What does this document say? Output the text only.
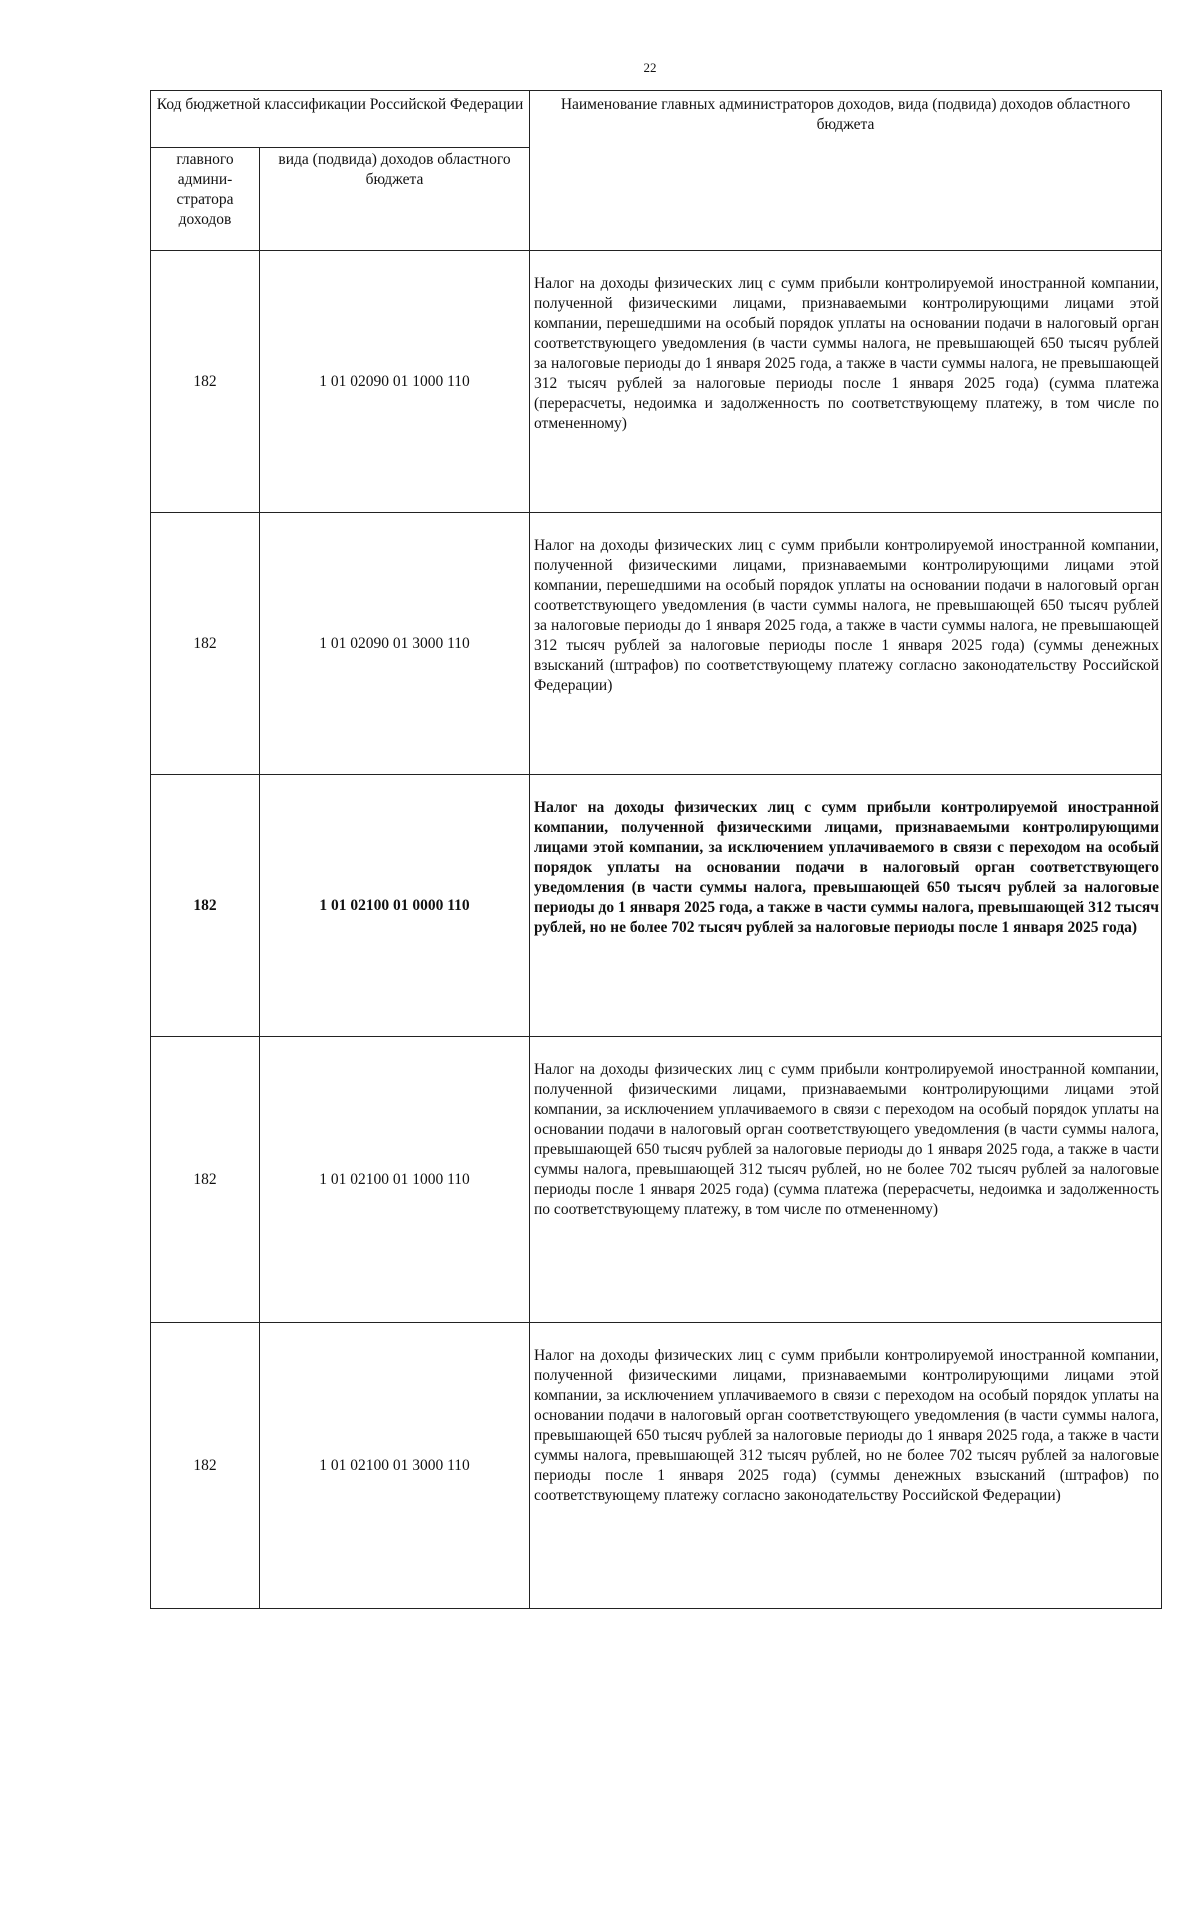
22
Код бюджетной классификации Российской Федерации		Наименование главных администраторов доходов, вида (подвида) доходов областного бюджета
главного админи-стратора доходов	вида (подвида) доходов областного бюджета	
182	1 01 02090 01 1000 110	Налог на доходы физических лиц с сумм прибыли контролируемой иностранной компании, полученной физическими лицами, признаваемыми контролирующими лицами этой компании, перешедшими на особый порядок уплаты на основании подачи в налоговый орган соответствующего уведомления (в части суммы налога, не превышающей 650 тысяч рублей за налоговые периоды до 1 января 2025 года, а также в части суммы налога, не превышающей 312 тысяч рублей за налоговые периоды после 1 января 2025 года) (сумма платежа (перерасчеты, недоимка и задолженность по соответствующему платежу, в том числе по отмененному)
182	1 01 02090 01 3000 110	Налог на доходы физических лиц с сумм прибыли контролируемой иностранной компании, полученной физическими лицами, признаваемыми контролирующими лицами этой компании, перешедшими на особый порядок уплаты на основании подачи в налоговый орган соответствующего уведомления (в части суммы налога, не превышающей 650 тысяч рублей за налоговые периоды до 1 января 2025 года, а также в части суммы налога, не превышающей 312 тысяч рублей за налоговые периоды после 1 января 2025 года) (суммы денежных взысканий (штрафов) по соответствующему платежу согласно законодательству Российской Федерации)
182	1 01 02100 01 0000 110	Налог на доходы физических лиц с сумм прибыли контролируемой иностранной компании, полученной физическими лицами, признаваемыми контролирующими лицами этой компании, за исключением уплачиваемого в связи с переходом на особый порядок уплаты на основании подачи в налоговый орган соответствующего уведомления (в части суммы налога, превышающей 650 тысяч рублей за налоговые периоды до 1 января 2025 года, а также в части суммы налога, превышающей 312 тысяч рублей, но не более 702 тысяч рублей за налоговые периоды после 1 января 2025 года)
182	1 01 02100 01 1000 110	Налог на доходы физических лиц с сумм прибыли контролируемой иностранной компании, полученной физическими лицами, признаваемыми контролирующими лицами этой компании, за исключением уплачиваемого в связи с переходом на особый порядок уплаты на основании подачи в налоговый орган соответствующего уведомления (в части суммы налога, превышающей 650 тысяч рублей за налоговые периоды до 1 января 2025 года, а также в части суммы налога, превышающей 312 тысяч рублей, но не более 702 тысяч рублей за налоговые периоды после 1 января 2025 года) (сумма платежа (перерасчеты, недоимка и задолженность по соответствующему платежу, в том числе по отмененному)
182	1 01 02100 01 3000 110	Налог на доходы физических лиц с сумм прибыли контролируемой иностранной компании, полученной физическими лицами, признаваемыми контролирующими лицами этой компании, за исключением уплачиваемого в связи с переходом на особый порядок уплаты на основании подачи в налоговый орган соответствующего уведомления (в части суммы налога, превышающей 650 тысяч рублей за налоговые периоды до 1 января 2025 года, а также в части суммы налога, превышающей 312 тысяч рублей, но не более 702 тысяч рублей за налоговые периоды после 1 января 2025 года) (суммы денежных взысканий (штрафов) по соответствующему платежу согласно законодательству Российской Федерации)
